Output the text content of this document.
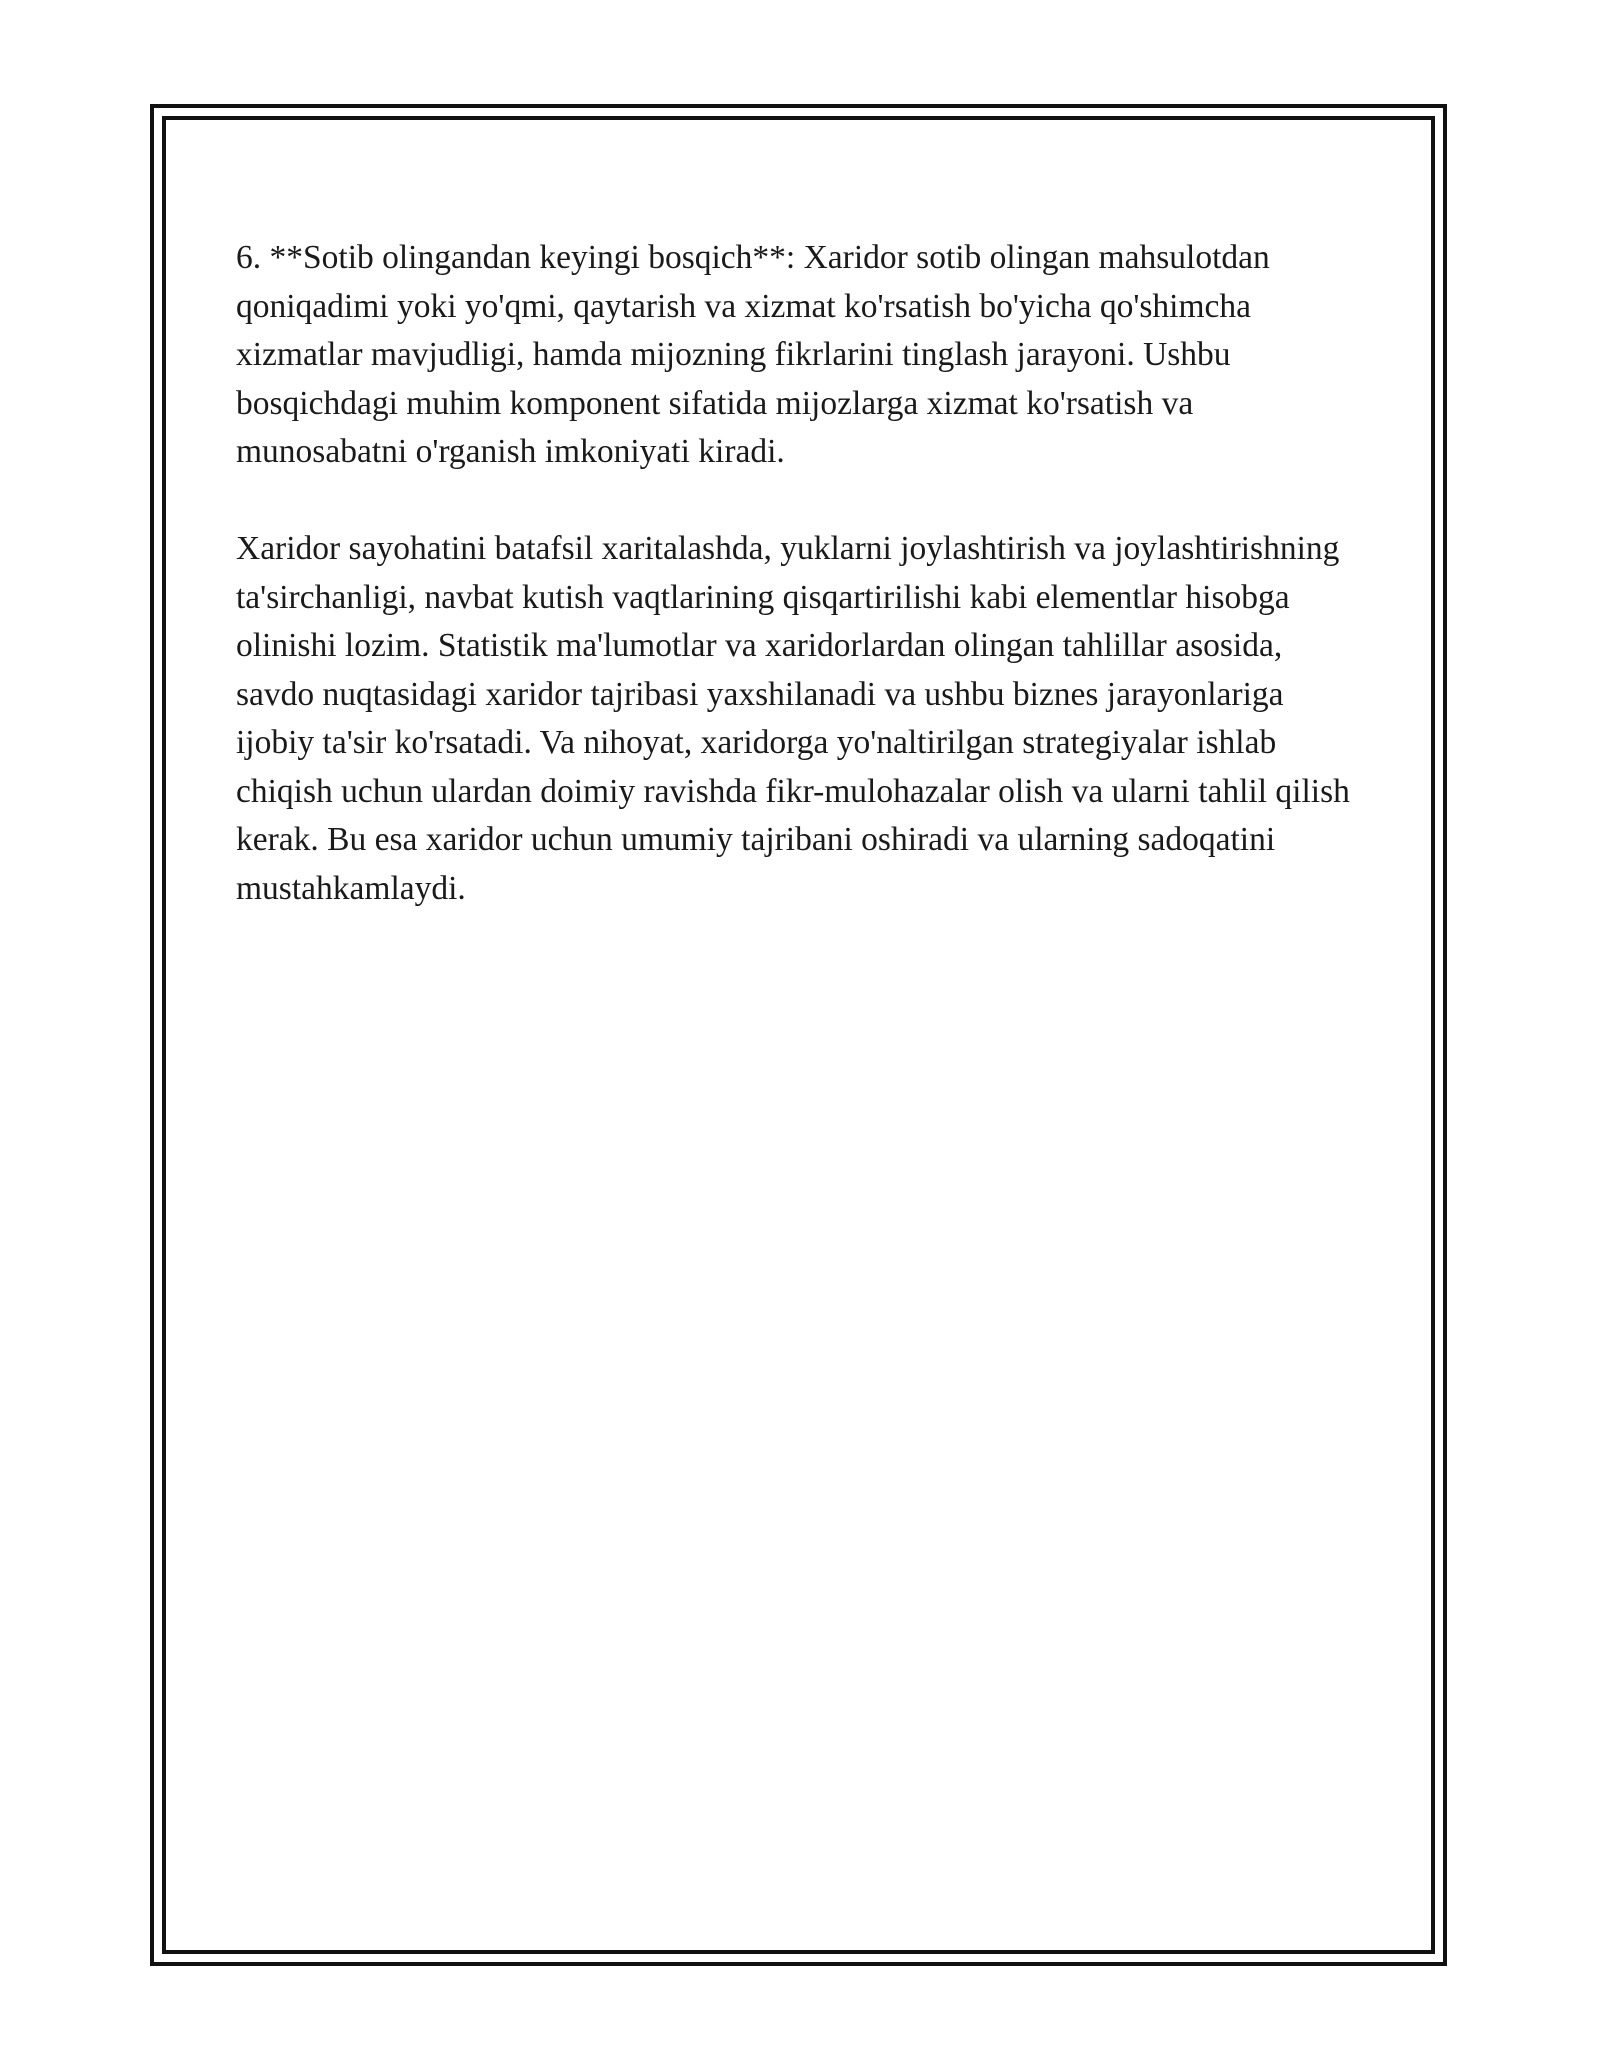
6. **Sotib olingandan keyingi bosqich**: Xaridor sotib olingan mahsulotdan qoniqadimi yoki yo'qmi, qaytarish va xizmat ko'rsatish bo'yicha qo'shimcha xizmatlar mavjudligi, hamda mijozning fikrlarini tinglash jarayoni. Ushbu bosqichdagi muhim komponent sifatida mijozlarga xizmat ko'rsatish va munosabatni o'rganish imkoniyati kiradi.

Xaridor sayohatini batafsil xaritalashda, yuklarni joylashtirish va joylashtirishning ta'sirchanligi, navbat kutish vaqtlarining qisqartirilishi kabi elementlar hisobga olinishi lozim. Statistik ma'lumotlar va xaridorlardan olingan tahlillar asosida, savdo nuqtasidagi xaridor tajribasi yaxshilanadi va ushbu biznes jarayonlariga ijobiy ta'sir ko'rsatadi. Va nihoyat, xaridorga yo'naltirilgan strategiyalar ishlab chiqish uchun ulardan doimiy ravishda fikr-mulohazalar olish va ularni tahlil qilish kerak. Bu esa xaridor uchun umumiy tajribani oshiradi va ularning sadoqatini mustahkamlaydi.
